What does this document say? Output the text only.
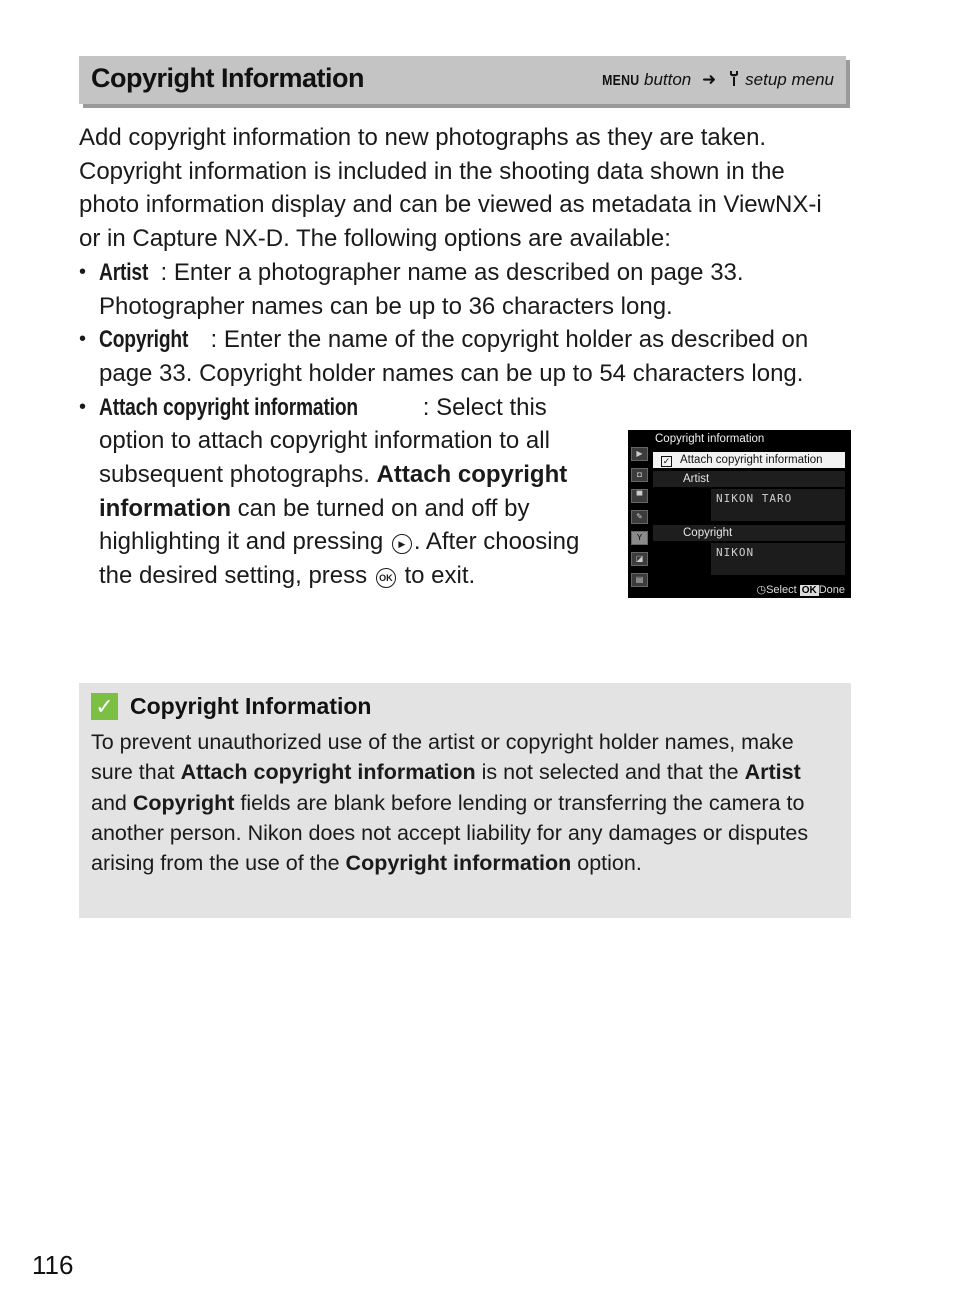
Copyright Information	MENU button ➜ setup menu

Add copyright information to new photographs as they are taken. Copyright information is included in the shooting data shown in the photo information display and can be viewed as metadata in ViewNX-i or in Capture NX-D. The following options are available:

• Artist : Enter a photographer name as described on page 33. Photographer names can be up to 36 characters long.
• Copyright : Enter the name of the copyright holder as described on page 33. Copyright holder names can be up to 54 characters long.
• Attach copyright information	: Select this option to attach copyright information to all subsequent photographs. Attach copyright information can be turned on and off by highlighting it and pressing ▶ . After choosing the desired setting, press OK to exit.
▶
◘
▀
✎
Y
◪
▤
Copyright information
✓ Attach copyright information
Artist
NIKON TARO
Copyright
NIKON
◷Select OK Done
✓ Copyright Information
To prevent unauthorized use of the artist or copyright holder names, make sure that Attach copyright information is not selected and that the Artist and Copyright fields are blank before lending or transferring the camera to another person. Nikon does not accept liability for any damages or disputes arising from the use of the Copyright information option.
116
